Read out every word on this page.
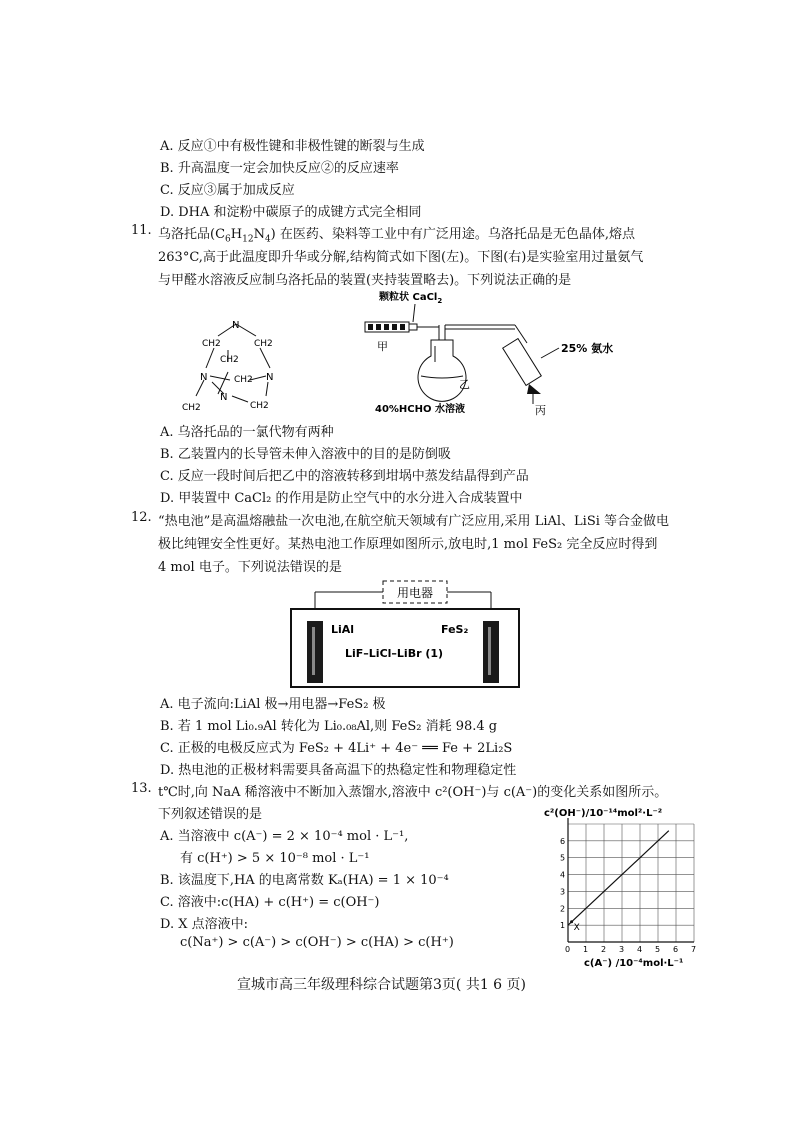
A. 反应①中有极性键和非极性键的断裂与生成
B. 升高温度一定会加快反应②的反应速率
C. 反应③属于加成反应
D. DHA 和淀粉中碳原子的成键方式完全相同
11. 乌洛托品$(C_6H_{12}N_4)$ 在医药、染料等工业中有广泛用途。乌洛托品是无色晶体,熔点
263°C,高于此温度即升华或分解,结构简式如下图(左)。下图(右)是实验室用过量氨气
与甲醛水溶液反应制乌洛托品的装置(夹持装置略去)。下列说法正确的是
N
CH2
CH2
CH2
N	N
CH2
N
CH2	CH2
颗粒状 CaCl$_2$
甲
乙
丙
25% 氨水
40%HCHO 水溶液
A. 乌洛托品的一氯代物有两种
B. 乙装置内的长导管未伸入溶液中的目的是防倒吸
C. 反应一段时间后把乙中的溶液转移到坩埚中蒸发结晶得到产品
D. 甲装置中 CaCl₂ 的作用是防止空气中的水分进入合成装置中
12. “热电池”是高温熔融盐一次电池,在航空航天领域有广泛应用,采用 LiAl、LiSi 等合金做电
极比纯锂安全性更好。某热电池工作原理如图所示,放电时,1 mol FeS₂ 完全反应时得到
4 mol 电子。下列说法错误的是
用电器
LiAl	FeS₂
LiF–LiCl–LiBr (1)
A. 电子流向:LiAl 极→用电器→FeS₂ 极
B. 若 1 mol Li₀.₉Al 转化为 Li₀.₀₈Al,则 FeS₂ 消耗 98.4 g
C. 正极的电极反应式为 FeS₂ + 4Li⁺ + 4e⁻ ══ Fe + 2Li₂S
D. 热电池的正极材料需要具备高温下的热稳定性和物理稳定性
13. t℃时,向 NaA 稀溶液中不断加入蒸馏水,溶液中 c²(OH⁻)与 c(A⁻)的变化关系如图所示。
下列叙述错误的是
A. 当溶液中 c(A⁻) = 2 × 10⁻⁴ mol · L⁻¹,
有 c(H⁺) > 5 × 10⁻⁸ mol · L⁻¹
B. 该温度下,HA 的电离常数 Kₐ(HA) = 1 × 10⁻⁴
C. 溶液中:c(HA) + c(H⁺) = c(OH⁻)
D. X 点溶液中:
c(Na⁺) > c(A⁻) > c(OH⁻) > c(HA) > c(H⁺)
c²(OH⁻)/10⁻¹⁴mol²·L⁻²
c(A⁻) /10⁻⁴mol·L⁻¹
0 1 2 3 4 5 6 7
1
2
3
4
5
6
X
宣城市高三年级理科综合试题第3页( 共1 6 页)
